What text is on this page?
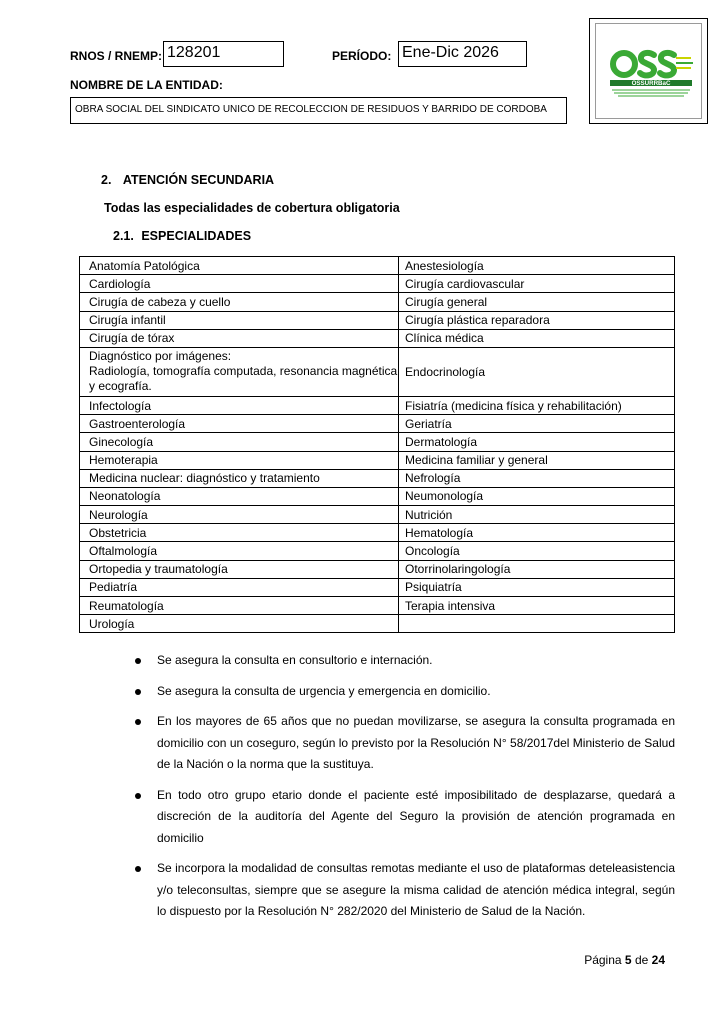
RNOS / RNEMP: 128201	PERÍODO: Ene-Dic 2026
NOMBRE DE LA ENTIDAD:
OBRA SOCIAL DEL SINDICATO UNICO DE RECOLECCION DE RESIDUOS Y BARRIDO DE CORDOBA
OSSURRBaC
2. ATENCIÓN SECUNDARIA
Todas las especialidades de cobertura obligatoria
2.1. ESPECIALIDADES
Anatomía Patológica	Anestesiología
Cardiología	Cirugía cardiovascular
Cirugía de cabeza y cuello	Cirugía general
Cirugía infantil	Cirugía plástica reparadora
Cirugía de tórax	Clínica médica

Diagnóstico por imágenes:
Radiología, tomografía computada, resonancia magnética y ecografía.	Endocrinología
Infectología	Fisiatría (medicina física y rehabilitación)
Gastroenterología	Geriatría
Ginecología	Dermatología
Hemoterapia	Medicina familiar y general
Medicina nuclear: diagnóstico y tratamiento	Nefrología
Neonatología	Neumonología
Neurología	Nutrición
Obstetricia	Hematología
Oftalmología	Oncología
Ortopedia y traumatología	Otorrinolaringología
Pediatría	Psiquiatría
Reumatología	Terapia intensiva
Urología	
Se asegura la consulta en consultorio e internación.
Se asegura la consulta de urgencia y emergencia en domicilio.
En los mayores de 65 años que no puedan movilizarse, se asegura la consulta programada en domicilio con un coseguro, según lo previsto por la Resolución N° 58/2017del Ministerio de Salud de la Nación o la norma que la sustituya.
En todo otro grupo etario donde el paciente esté imposibilitado de desplazarse, quedará a discreción de la auditoría del Agente del Seguro la provisión de atención programada en domicilio
Se incorpora la modalidad de consultas remotas mediante el uso de plataformas deteleasistencia y/o teleconsultas, siempre que se asegure la misma calidad de atención médica integral, según lo dispuesto por la Resolución N° 282/2020 del Ministerio de Salud de la Nación.
Página 5 de 24
